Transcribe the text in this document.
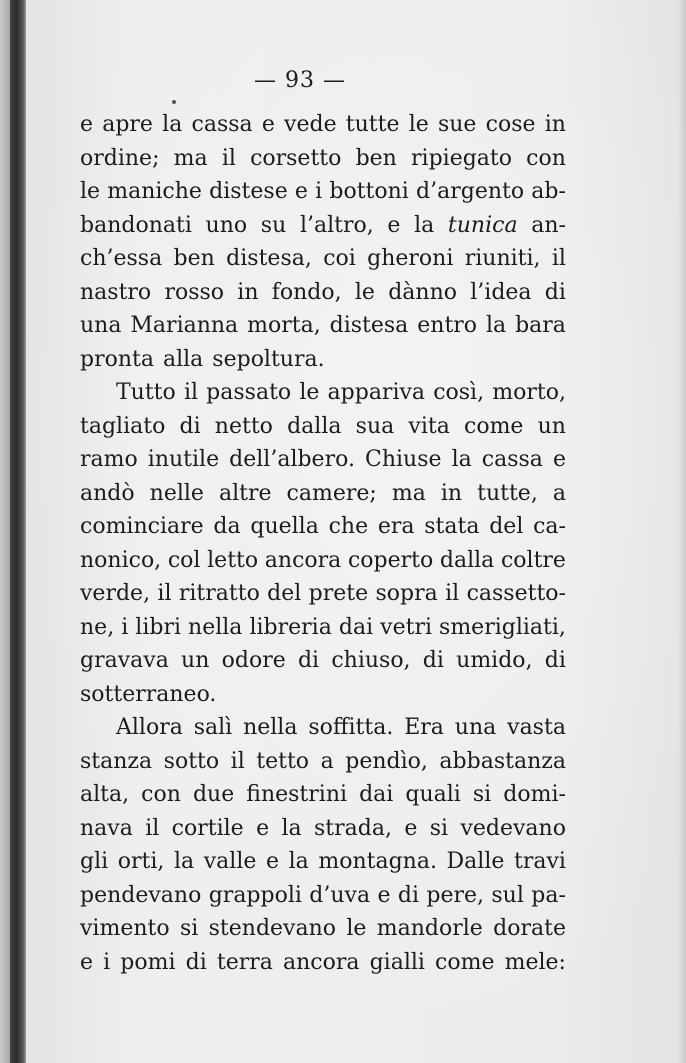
— 93 —
e apre la cassa e vede tutte le sue cose in
ordine; ma il corsetto ben ripiegato con
le maniche distese e i bottoni d’argento ab-
bandonati uno su l’altro, e la tunica an-
ch’essa ben distesa, coi gheroni riuniti, il
nastro rosso in fondo, le dànno l’idea di
una Marianna morta, distesa entro la bara
pronta alla sepoltura.
Tutto il passato le appariva così, morto,
tagliato di netto dalla sua vita come un
ramo inutile dell’albero. Chiuse la cassa e
andò nelle altre camere; ma in tutte, a
cominciare da quella che era stata del ca-
nonico, col letto ancora coperto dalla coltre
verde, il ritratto del prete sopra il cassetto-
ne, i libri nella libreria dai vetri smerigliati,
gravava un odore di chiuso, di umido, di
sotterraneo.
Allora salì nella soffitta. Era una vasta
stanza sotto il tetto a pendìo, abbastanza
alta, con due finestrini dai quali si domi-
nava il cortile e la strada, e si vedevano
gli orti, la valle e la montagna. Dalle travi
pendevano grappoli d’uva e di pere, sul pa-
vimento si stendevano le mandorle dorate
e i pomi di terra ancora gialli come mele:
